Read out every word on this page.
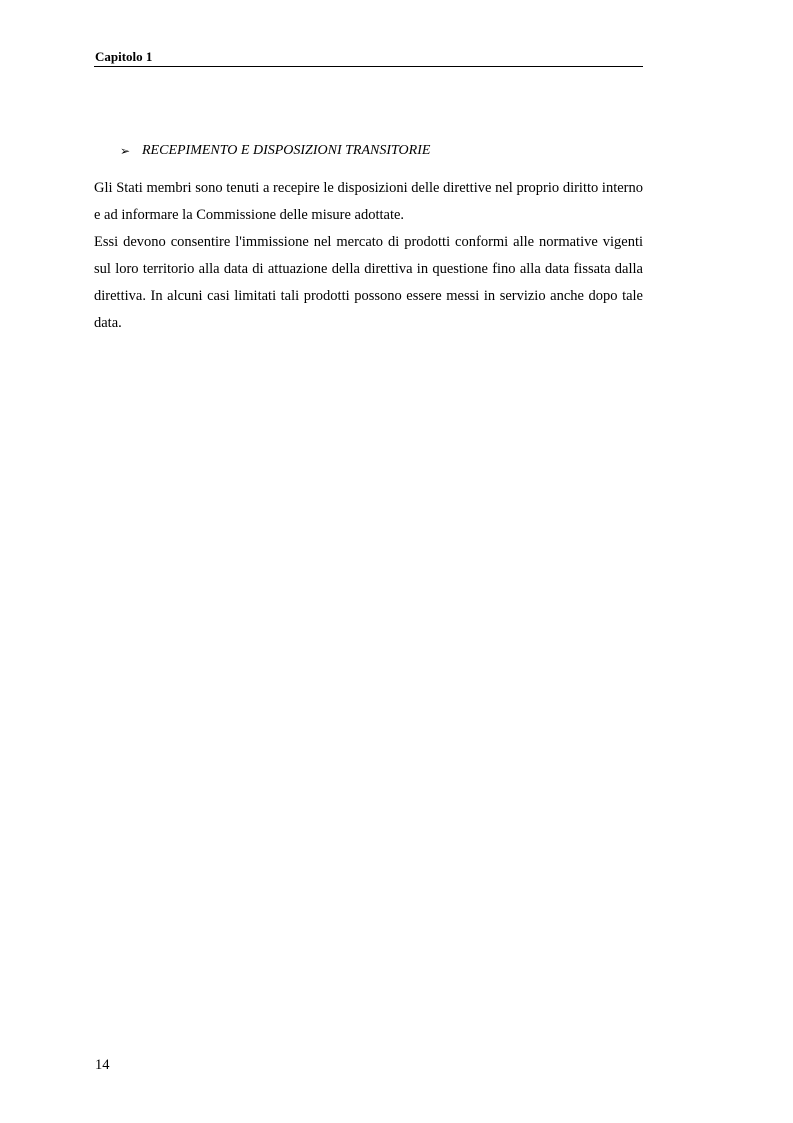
Capitolo 1
➢ RECEPIMENTO E DISPOSIZIONI TRANSITORIE

Gli Stati membri sono tenuti a recepire le disposizioni delle direttive nel proprio diritto interno e ad informare la Commissione delle misure adottate.

Essi devono consentire l'immissione nel mercato di prodotti conformi alle normative vigenti sul loro territorio alla data di attuazione della direttiva in questione fino alla data fissata dalla direttiva. In alcuni casi limitati tali prodotti possono essere messi in servizio anche dopo tale data.

14
